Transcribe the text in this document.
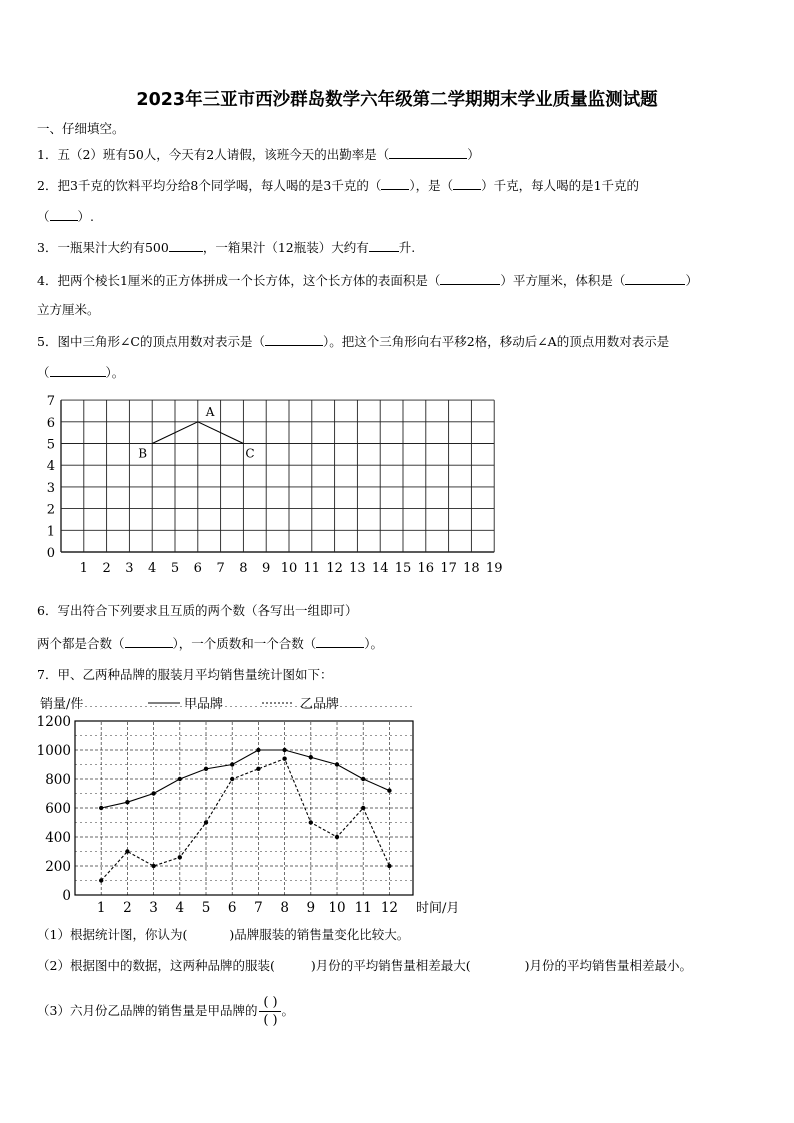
2023年三亚市西沙群岛数学六年级第二学期期末学业质量监测试题
一、仔细填空。
1．五（2）班有50人，今天有2人请假，该班今天的出勤率是（	）
2．把3千克的饮料平均分给8个同学喝，每人喝的是3千克的（ ），是（ ）千克，每人喝的是1千克的
（ ）.
3．一瓶果汁大约有500	，一箱果汁（12瓶装）大约有 升.
4．把两个棱长1厘米的正方体拼成一个长方体，这个长方体的表面积是（	）平方厘米，体积是（	）
立方厘米。
5．图中三角形∠C的顶点用数对表示是（	）。把这个三角形向右平移2格，移动后∠A的顶点用数对表示是
（	）。
1 2 3 4 5 6 7 8 9 10 11 12 13 14 15 16 17 18 19
0
1
2
3
4
5
6
7
A
B	C
6．写出符合下列要求且互质的两个数（各写出一组即可）
两个都是合数（	），一个质数和一个合数（	）。
7．甲、乙两种品牌的服装月平均销售量统计图如下：
0
200
400
600
800
1000
1200
1 2 3 4 5 6 7 8 9 10 11 12 时间/月
销量/件	甲品牌	乙品牌
（1）根据统计图，你认为(	)品牌服装的销售量变化比较大。
（2）根据图中的数据，这两种品牌的服装(	)月份的平均销售量相差最大(	)月份的平均销售量相差最小。
（3）六月份乙品牌的销售量是甲品牌的 $\frac{( )}{( )}$。
